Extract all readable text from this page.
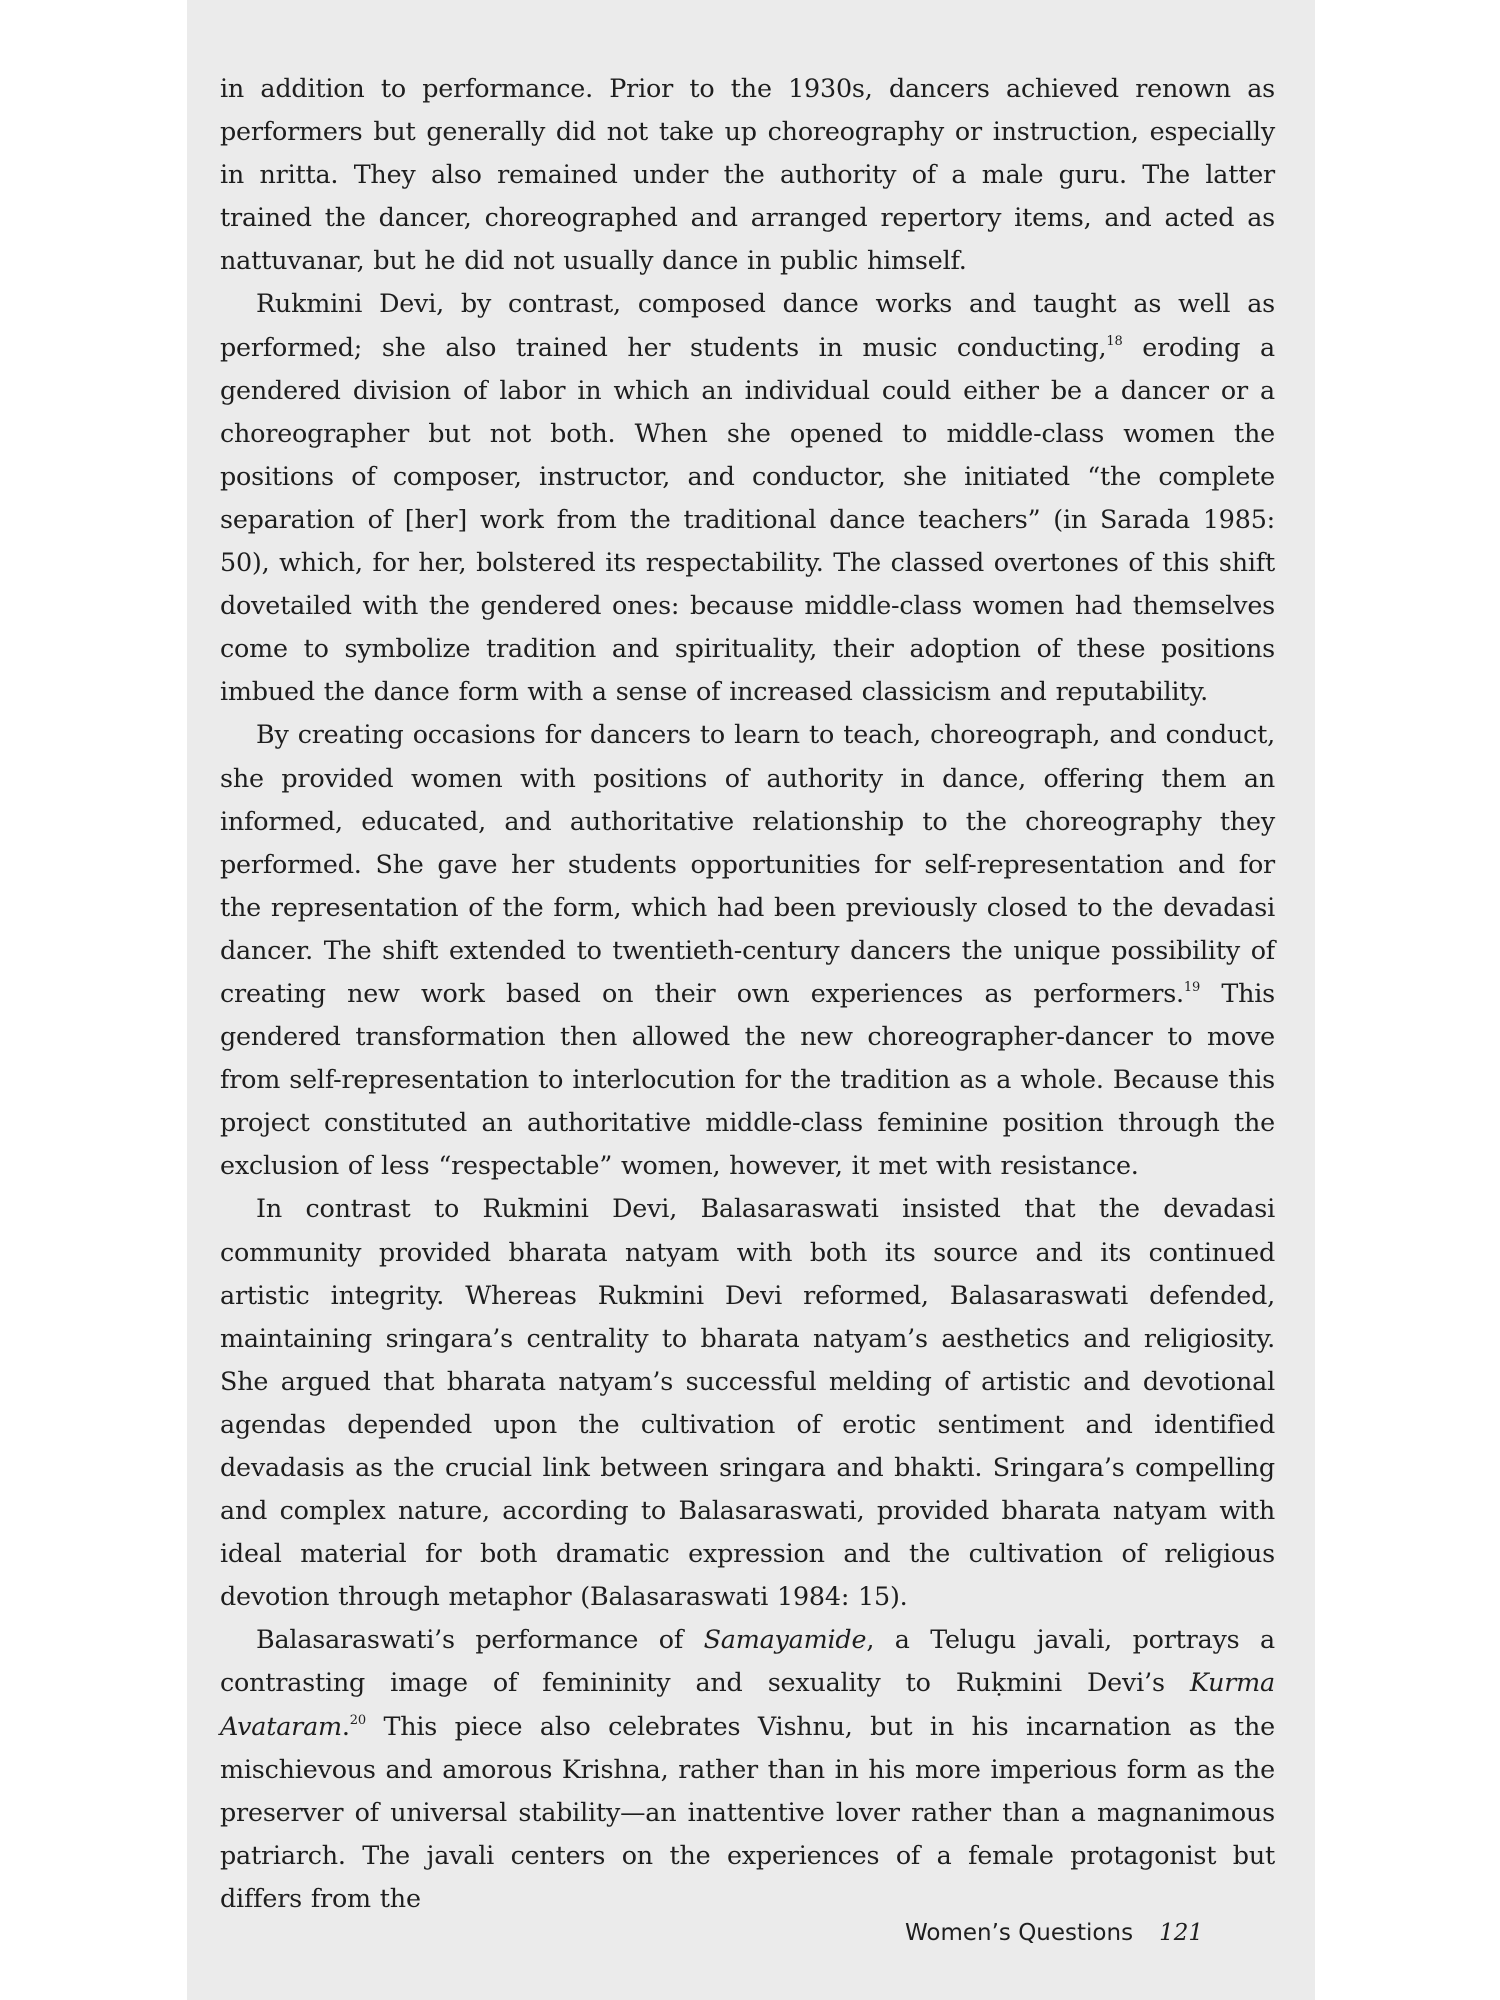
in addition to performance. Prior to the 1930s, dancers achieved renown as performers but generally did not take up choreography or instruction, especially in nritta. They also remained under the authority of a male guru. The latter trained the dancer, choreographed and arranged repertory items, and acted as nattuvanar, but he did not usually dance in public himself.

Rukmini Devi, by contrast, composed dance works and taught as well as performed; she also trained her students in music conducting,$^{18}$ eroding a gendered division of labor in which an individual could either be a dancer or a choreographer but not both. When she opened to middle-class women the positions of composer, instructor, and conductor, she initiated “the complete separation of [her] work from the traditional dance teachers” (in Sarada 1985: 50), which, for her, bolstered its respectability. The classed overtones of this shift dovetailed with the gendered ones: because middle-class women had themselves come to symbolize tradition and spirituality, their adoption of these positions imbued the dance form with a sense of increased classicism and reputability.

By creating occasions for dancers to learn to teach, choreograph, and conduct, she provided women with positions of authority in dance, offering them an informed, educated, and authoritative relationship to the choreography they performed. She gave her students opportunities for self-representation and for the representation of the form, which had been previously closed to the devadasi dancer. The shift extended to twentieth-century dancers the unique possibility of creating new work based on their own experiences as performers.$^{19}$ This gendered transformation then allowed the new choreographer-dancer to move from self-representation to interlocution for the tradition as a whole. Because this project constituted an authoritative middle-class feminine position through the exclusion of less “respectable” women, however, it met with resistance.

In contrast to Rukmini Devi, Balasaraswati insisted that the devadasi community provided bharata natyam with both its source and its continued artistic integrity. Whereas Rukmini Devi reformed, Balasaraswati defended, maintaining sringara’s centrality to bharata natyam’s aesthetics and religiosity. She argued that bharata natyam’s successful melding of artistic and devotional agendas depended upon the cultivation of erotic sentiment and identified devadasis as the crucial link between sringara and bhakti. Sringara’s compelling and complex nature, according to Balasaraswati, provided bharata natyam with ideal material for both dramatic expression and the cultivation of religious devotion through metaphor (Balasaraswati 1984: 15).

Balasaraswati’s performance of Samayamide, a Telugu javali, portrays a contrasting image of femininity and sexuality to Ruḳmini Devi’s Kurma Avataram.$^{20}$ This piece also celebrates Vishnu, but in his incarnation as the mischievous and amorous Krishna, rather than in his more imperious form as the preserver of universal stability—an inattentive lover rather than a magnanimous patriarch. The javali centers on the experiences of a female protagonist but differs from the

Women’s Questions 121
